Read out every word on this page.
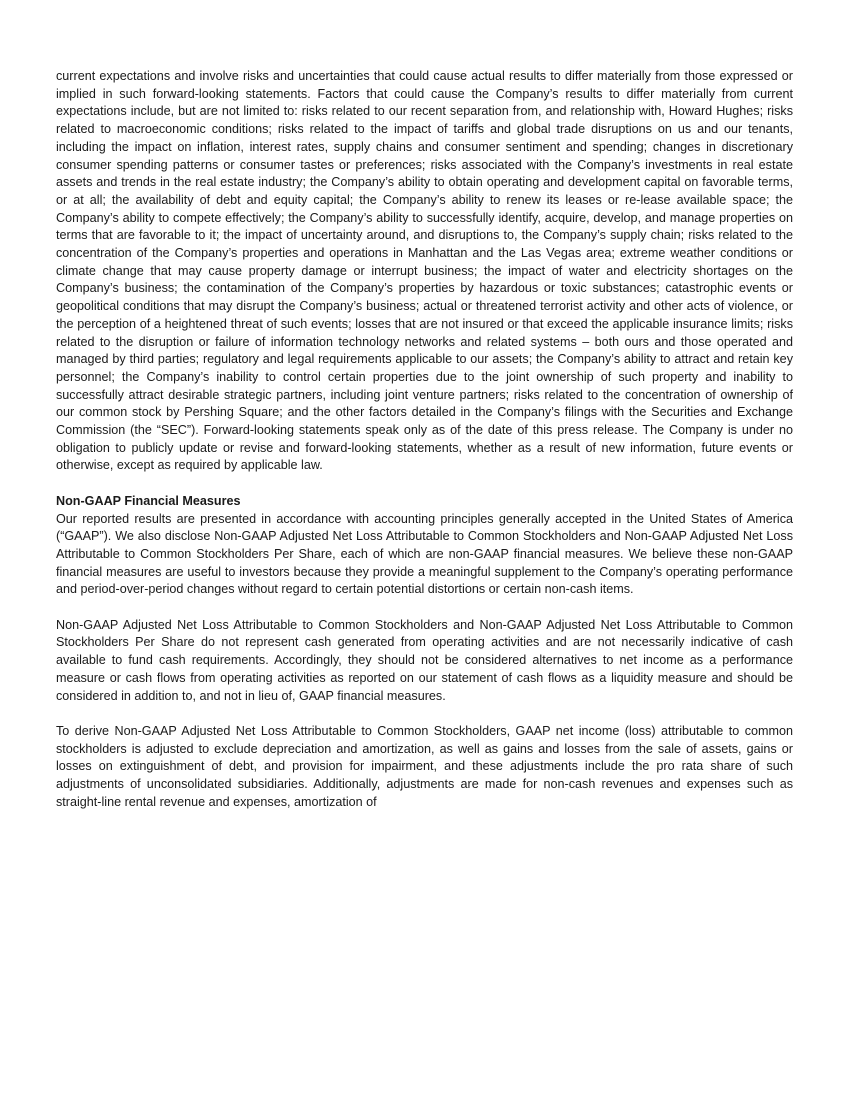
current expectations and involve risks and uncertainties that could cause actual results to differ materially from those expressed or implied in such forward-looking statements. Factors that could cause the Company’s results to differ materially from current expectations include, but are not limited to: risks related to our recent separation from, and relationship with, Howard Hughes; risks related to macroeconomic conditions; risks related to the impact of tariffs and global trade disruptions on us and our tenants, including the impact on inflation, interest rates, supply chains and consumer sentiment and spending; changes in discretionary consumer spending patterns or consumer tastes or preferences; risks associated with the Company’s investments in real estate assets and trends in the real estate industry; the Company’s ability to obtain operating and development capital on favorable terms, or at all; the availability of debt and equity capital; the Company’s ability to renew its leases or re-lease available space; the Company’s ability to compete effectively; the Company’s ability to successfully identify, acquire, develop, and manage properties on terms that are favorable to it; the impact of uncertainty around, and disruptions to, the Company’s supply chain; risks related to the concentration of the Company’s properties and operations in Manhattan and the Las Vegas area; extreme weather conditions or climate change that may cause property damage or interrupt business; the impact of water and electricity shortages on the Company’s business; the contamination of the Company’s properties by hazardous or toxic substances; catastrophic events or geopolitical conditions that may disrupt the Company’s business; actual or threatened terrorist activity and other acts of violence, or the perception of a heightened threat of such events; losses that are not insured or that exceed the applicable insurance limits; risks related to the disruption or failure of information technology networks and related systems – both ours and those operated and managed by third parties; regulatory and legal requirements applicable to our assets; the Company’s ability to attract and retain key personnel; the Company’s inability to control certain properties due to the joint ownership of such property and inability to successfully attract desirable strategic partners, including joint venture partners; risks related to the concentration of ownership of our common stock by Pershing Square; and the other factors detailed in the Company’s filings with the Securities and Exchange Commission (the “SEC”). Forward-looking statements speak only as of the date of this press release. The Company is under no obligation to publicly update or revise and forward-looking statements, whether as a result of new information, future events or otherwise, except as required by applicable law.

Non-GAAP Financial Measures

Our reported results are presented in accordance with accounting principles generally accepted in the United States of America (“GAAP”). We also disclose Non-GAAP Adjusted Net Loss Attributable to Common Stockholders and Non-GAAP Adjusted Net Loss Attributable to Common Stockholders Per Share, each of which are non-GAAP financial measures. We believe these non-GAAP financial measures are useful to investors because they provide a meaningful supplement to the Company’s operating performance and period-over-period changes without regard to certain potential distortions or certain non-cash items.

Non-GAAP Adjusted Net Loss Attributable to Common Stockholders and Non-GAAP Adjusted Net Loss Attributable to Common Stockholders Per Share do not represent cash generated from operating activities and are not necessarily indicative of cash available to fund cash requirements. Accordingly, they should not be considered alternatives to net income as a performance measure or cash flows from operating activities as reported on our statement of cash flows as a liquidity measure and should be considered in addition to, and not in lieu of, GAAP financial measures.

To derive Non-GAAP Adjusted Net Loss Attributable to Common Stockholders, GAAP net income (loss) attributable to common stockholders is adjusted to exclude depreciation and amortization, as well as gains and losses from the sale of assets, gains or losses on extinguishment of debt, and provision for impairment, and these adjustments include the pro rata share of such adjustments of unconsolidated subsidiaries. Additionally, adjustments are made for non-cash revenues and expenses such as straight-line rental revenue and expenses, amortization of
